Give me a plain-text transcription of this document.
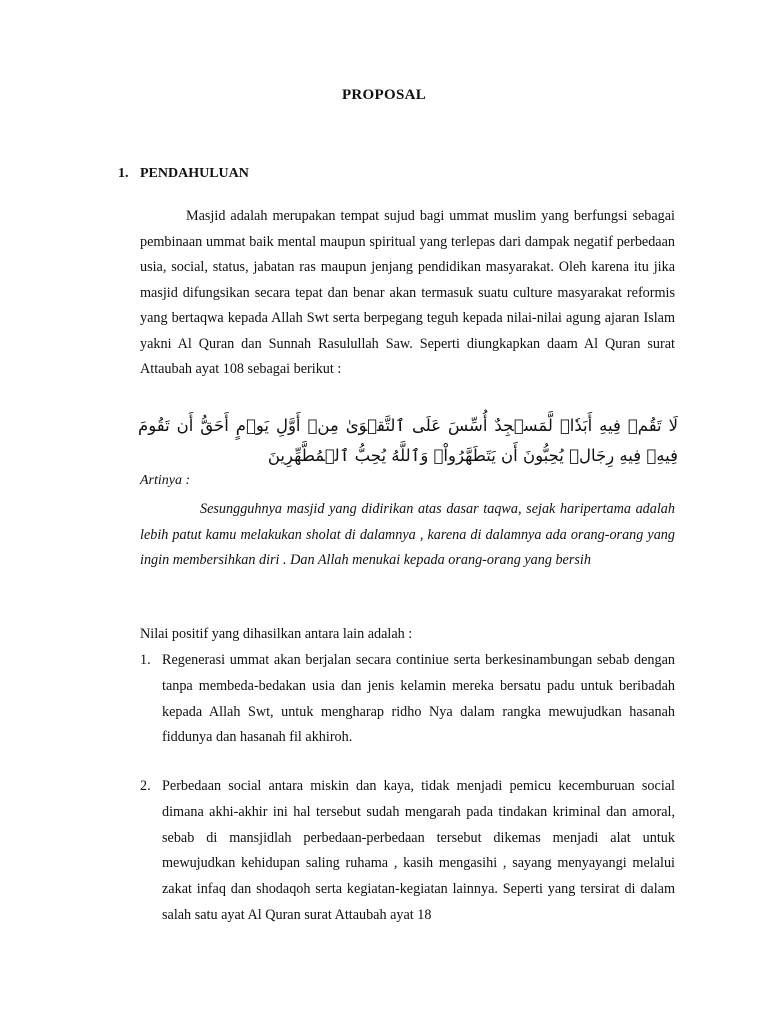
PROPOSAL
1. PENDAHULUAN

Masjid adalah merupakan tempat sujud bagi ummat muslim yang berfungsi sebagai pembinaan ummat baik mental maupun spiritual yang terlepas dari dampak negatif perbedaan usia, social, status, jabatan ras maupun jenjang pendidikan masyarakat. Oleh karena itu jika masjid difungsikan secara tepat dan benar akan termasuk suatu culture masyarakat reformis yang bertaqwa kepada Allah Swt serta berpegang teguh kepada nilai-nilai agung ajaran Islam yakni Al Quran dan Sunnah Rasulullah Saw. Seperti diungkapkan daam Al Quran surat Attaubah ayat 108 sebagai berikut :

لَا تَقُمۡ فِيهِ أَبَدٗاۚ لَّمَسۡجِدٌ أُسِّسَ عَلَى ٱلتَّقۡوَىٰ مِنۡ أَوَّلِ يَوۡمٍ أَحَقُّ أَن تَقُومَ فِيهِۚ فِيهِ رِجَالٞ يُحِبُّونَ أَن يَتَطَهَّرُواْۚ وَٱللَّهُ يُحِبُّ ٱلۡمُطَّهِّرِينَ
Artinya :

Sesungguhnya masjid yang didirikan atas dasar taqwa, sejak haripertama adalah lebih patut kamu melakukan sholat di dalamnya , karena di dalamnya ada orang-orang yang ingin membersihkan diri . Dan Allah menukai kepada orang-orang yang bersih

Nilai positif yang dihasilkan antara lain adalah :
1. Regenerasi ummat akan berjalan secara continiue serta berkesinambungan sebab dengan tanpa membeda-bedakan usia dan jenis kelamin mereka bersatu padu untuk beribadah kepada Allah Swt, untuk mengharap ridho Nya dalam rangka mewujudkan hasanah fiddunya dan hasanah fil akhiroh.
2. Perbedaan social antara miskin dan kaya, tidak menjadi pemicu kecemburuan social dimana akhi-akhir ini hal tersebut sudah mengarah pada tindakan kriminal dan amoral, sebab di mansjidlah perbedaan-perbedaan tersebut dikemas menjadi alat untuk mewujudkan kehidupan saling ruhama , kasih mengasihi , sayang menyayangi melalui zakat infaq dan shodaqoh serta kegiatan-kegiatan lainnya. Seperti yang tersirat di dalam salah satu ayat Al Quran surat Attaubah ayat 18
